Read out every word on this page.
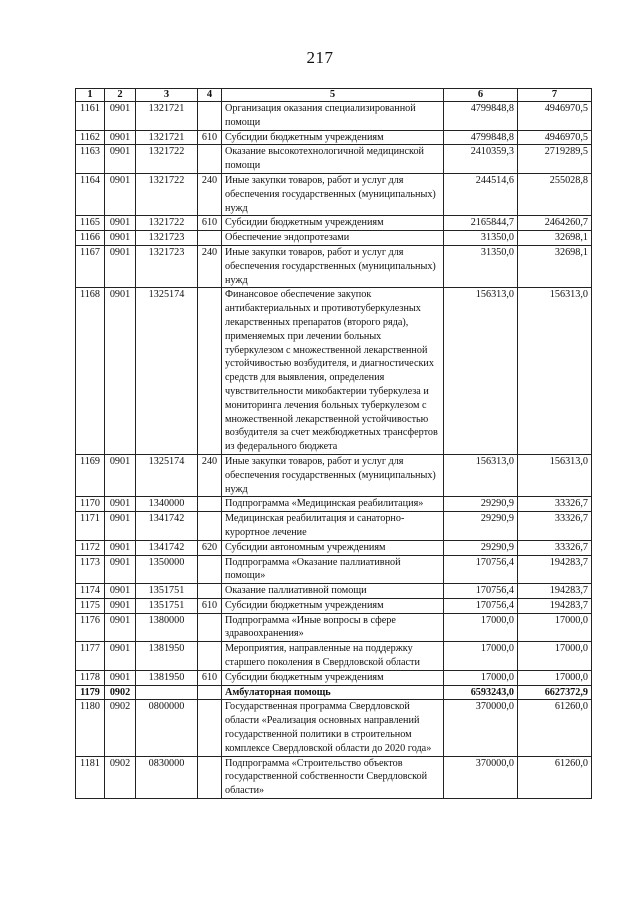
217
1	2	3	4	5	6	7
1161	0901	1321721		Организация оказания специализированной помощи	4799848,8	4946970,5
1162	0901	1321721	610	Субсидии бюджетным учреждениям	4799848,8	4946970,5
1163	0901	1321722		Оказание высокотехнологичной медицинской помощи	2410359,3	2719289,5
1164	0901	1321722	240	Иные закупки товаров, работ и услуг для обеспечения государственных (муниципальных) нужд	244514,6	255028,8
1165	0901	1321722	610	Субсидии бюджетным учреждениям	2165844,7	2464260,7
1166	0901	1321723		Обеспечение эндопротезами	31350,0	32698,1
1167	0901	1321723	240	Иные закупки товаров, работ и услуг для обеспечения государственных (муниципальных) нужд	31350,0	32698,1
1168	0901	1325174		Финансовое обеспечение закупок антибактериальных и противотуберкулезных лекарственных препаратов (второго ряда), применяемых при лечении больных туберкулезом с множественной лекарственной устойчивостью возбудителя, и диагностических средств для выявления, определения чувствительности микобактерии туберкулеза и мониторинга лечения больных туберкулезом с множественной лекарственной устойчивостью возбудителя за счет межбюджетных трансфертов из федерального бюджета	156313,0	156313,0
1169	0901	1325174	240	Иные закупки товаров, работ и услуг для обеспечения государственных (муниципальных) нужд	156313,0	156313,0
1170	0901	1340000		Подпрограмма «Медицинская реабилитация»	29290,9	33326,7
1171	0901	1341742		Медицинская реабилитация и санаторно-курортное лечение	29290,9	33326,7
1172	0901	1341742	620	Субсидии автономным учреждениям	29290,9	33326,7
1173	0901	1350000		Подпрограмма «Оказание паллиативной помощи»	170756,4	194283,7
1174	0901	1351751		Оказание паллиативной помощи	170756,4	194283,7
1175	0901	1351751	610	Субсидии бюджетным учреждениям	170756,4	194283,7
1176	0901	1380000		Подпрограмма «Иные вопросы в сфере здравоохранения»	17000,0	17000,0
1177	0901	1381950		Мероприятия, направленные на поддержку старшего поколения в Свердловской области	17000,0	17000,0
1178	0901	1381950	610	Субсидии бюджетным учреждениям	17000,0	17000,0
1179	0902			Амбулаторная помощь	6593243,0	6627372,9
1180	0902	0800000		Государственная программа Свердловской области «Реализация основных направлений государственной политики в строительном комплексе Свердловской области до 2020 года»	370000,0	61260,0
1181	0902	0830000		Подпрограмма «Строительство объектов государственной собственности Свердловской области»	370000,0	61260,0
